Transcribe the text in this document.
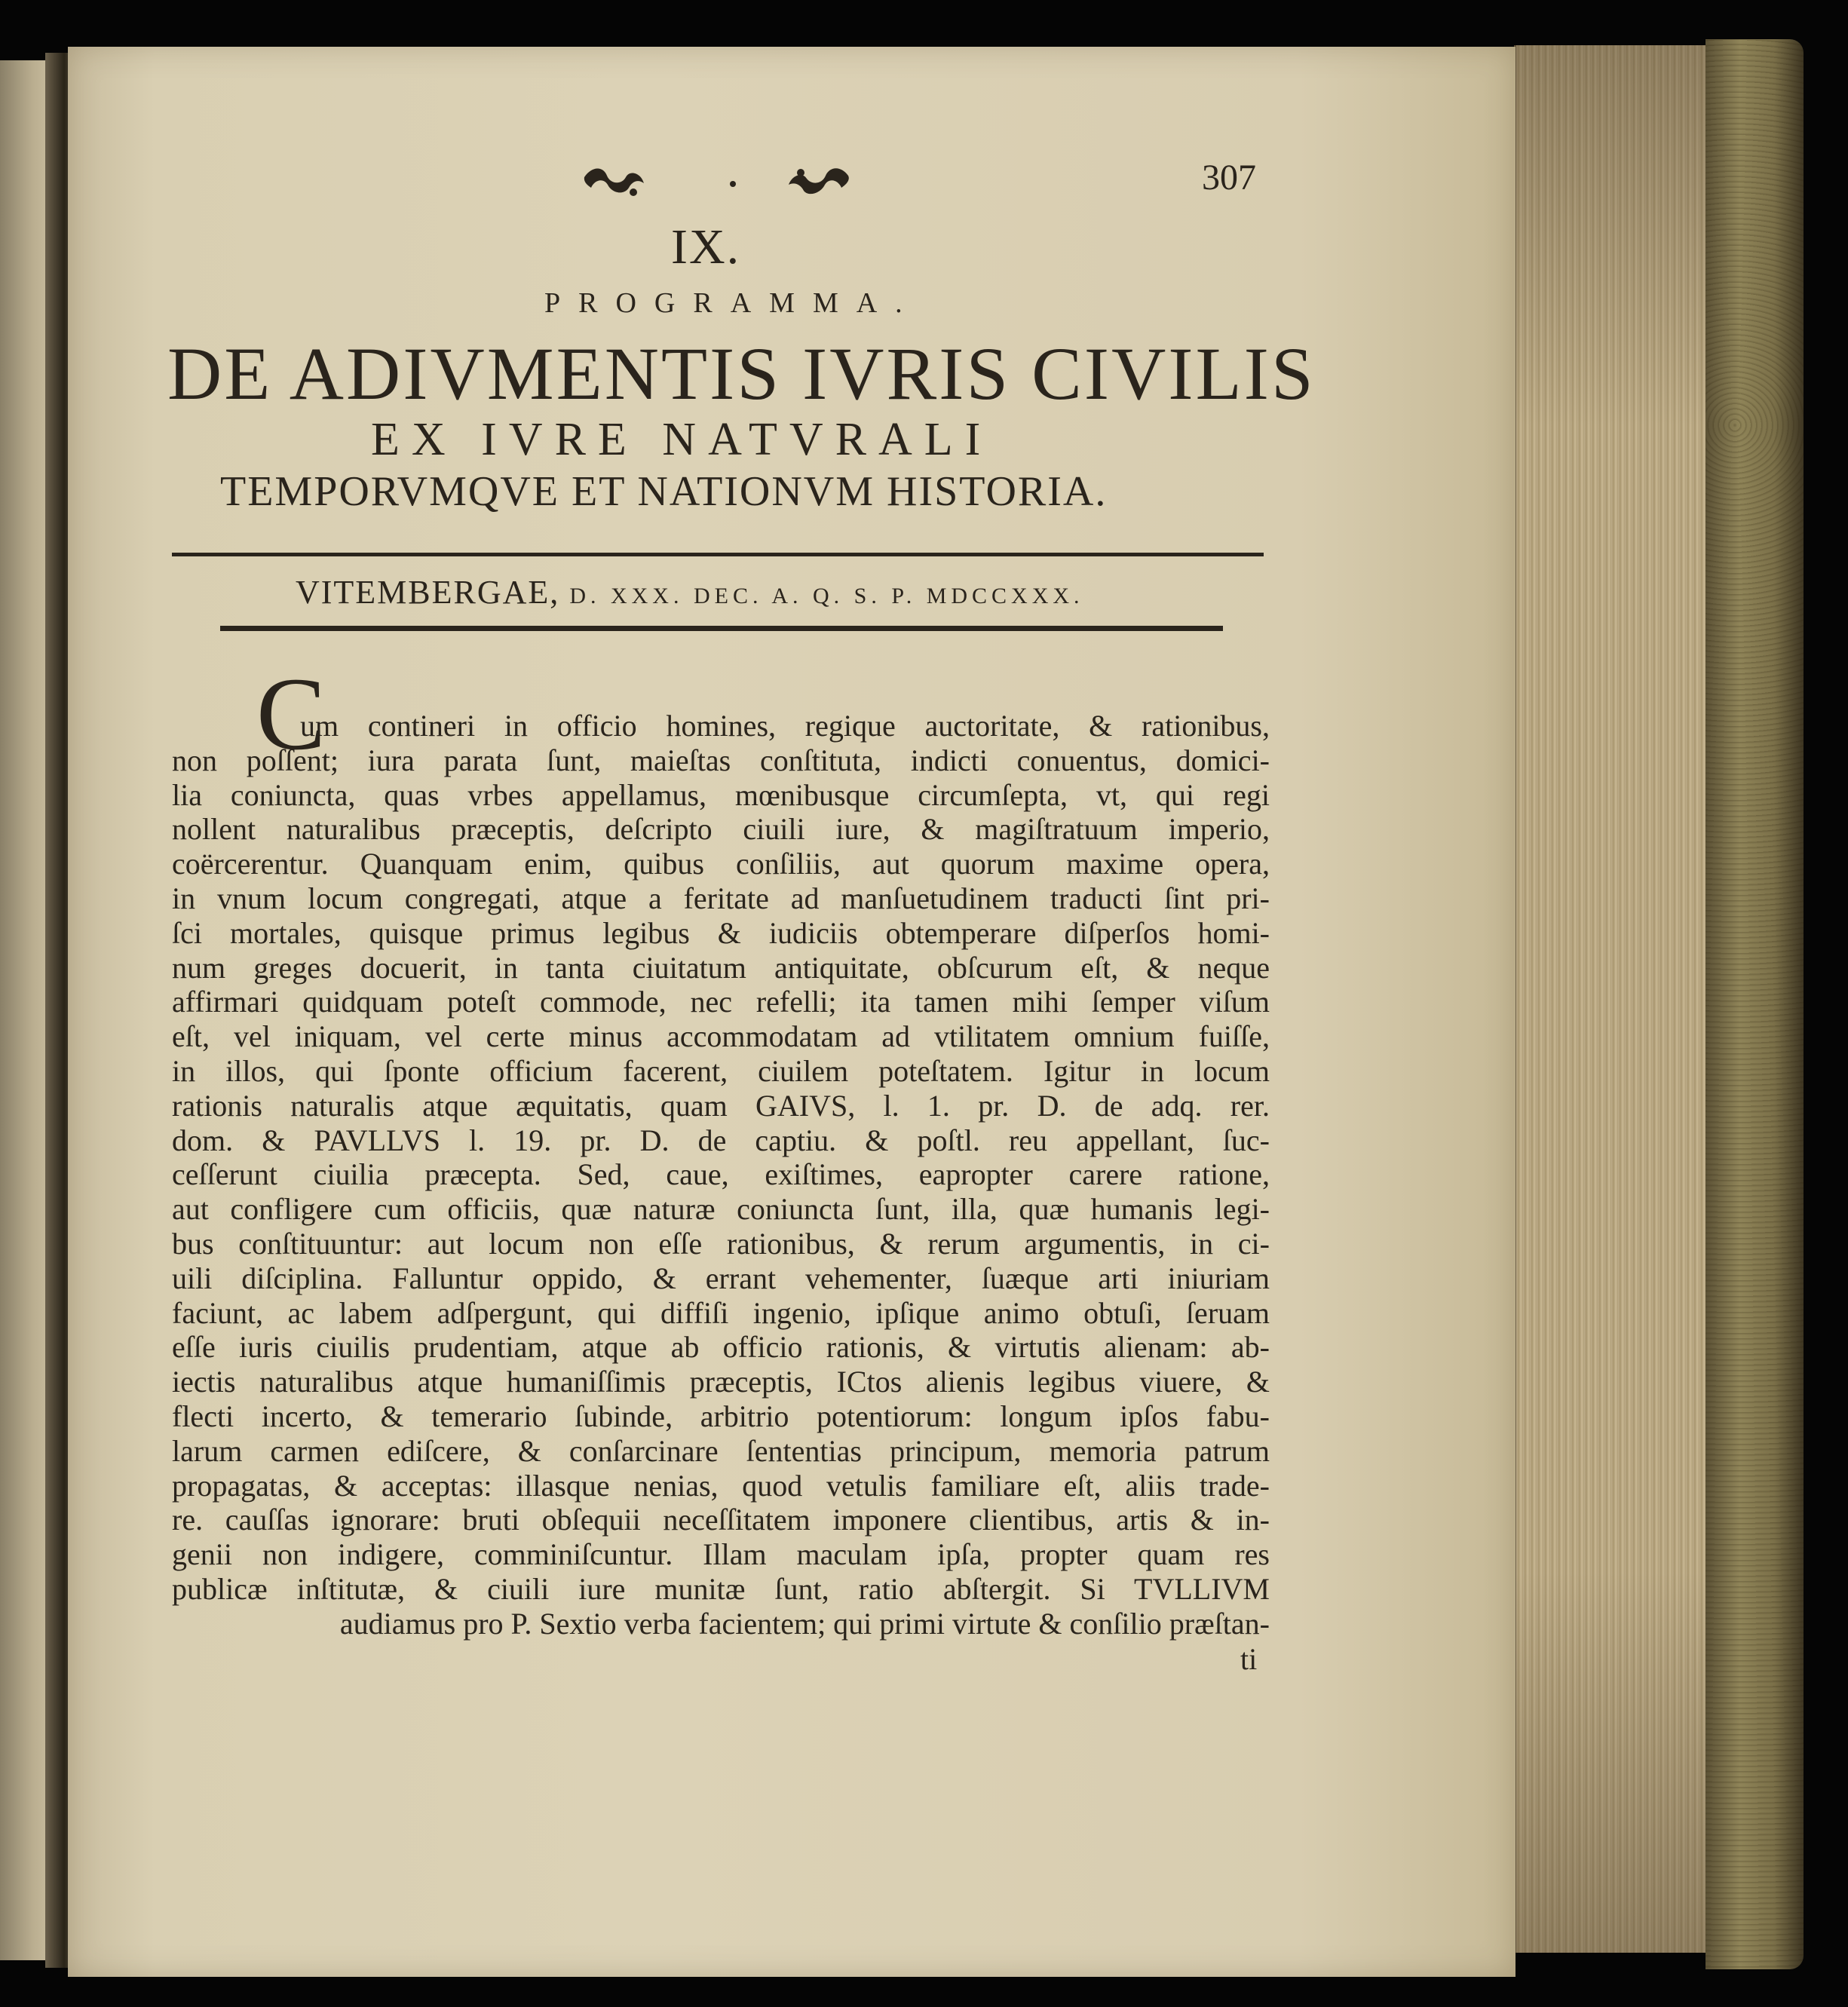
307
IX.
PROGRAMMA.
DE ADIVMENTIS IVRIS CIVILIS
EX IVRE NATVRALI
TEMPORVMQVE ET NATIONVM HISTORIA.
VITEMBERGAE, D. XXX. DEC. A. Q. S. P. MDCCXXX.
C
um contineri in officio homines, regique auctoritate, & rationibus,
non poſſent; iura parata ſunt, maieſtas conſtituta, indicti conuentus, domici-
lia coniuncta, quas vrbes appellamus, mœnibusque circumſepta, vt, qui regi
nollent naturalibus præceptis, deſcripto ciuili iure, & magiſtratuum imperio,
coërcerentur. Quanquam enim, quibus conſiliis, aut quorum maxime opera,
in vnum locum congregati, atque a feritate ad manſuetudinem traducti ſint pri-
ſci mortales, quisque primus legibus & iudiciis obtemperare diſperſos homi-
num greges docuerit, in tanta ciuitatum antiquitate, obſcurum eſt, & neque
affirmari quidquam poteſt commode, nec refelli; ita tamen mihi ſemper viſum
eſt, vel iniquam, vel certe minus accommodatam ad vtilitatem omnium fuiſſe,
in illos, qui ſponte officium facerent, ciuilem poteſtatem. Igitur in locum
rationis naturalis atque æquitatis, quam GAIVS, l. 1. pr. D. de adq. rer.
dom. & PAVLLVS l. 19. pr. D. de captiu. & poſtl. reu appellant, ſuc-
ceſſerunt ciuilia præcepta. Sed, caue, exiſtimes, eapropter carere ratione,
aut confligere cum officiis, quæ naturæ coniuncta ſunt, illa, quæ humanis legi-
bus conſtituuntur: aut locum non eſſe rationibus, & rerum argumentis, in ci-
uili diſciplina. Falluntur oppido, & errant vehementer, ſuæque arti iniuriam
faciunt, ac labem adſpergunt, qui diffiſi ingenio, ipſique animo obtuſi, ſeruam
eſſe iuris ciuilis prudentiam, atque ab officio rationis, & virtutis alienam: ab-
iectis naturalibus atque humaniſſimis præceptis, ICtos alienis legibus viuere, &
flecti incerto, & temerario ſubinde, arbitrio potentiorum: longum ipſos fabu-
larum carmen ediſcere, & conſarcinare ſententias principum, memoria patrum
propagatas, & acceptas: illasque nenias, quod vetulis familiare eſt, aliis trade-
re. cauſſas ignorare: bruti obſequii neceſſitatem imponere clientibus, artis & in-
genii non indigere, comminiſcuntur. Illam maculam ipſa, propter quam res
publicæ inſtitutæ, & ciuili iure munitæ ſunt, ratio abſtergit. Si TVLLIVM
audiamus pro P. Sextio verba facientem; qui primi virtute & conſilio præſtan-
ti
